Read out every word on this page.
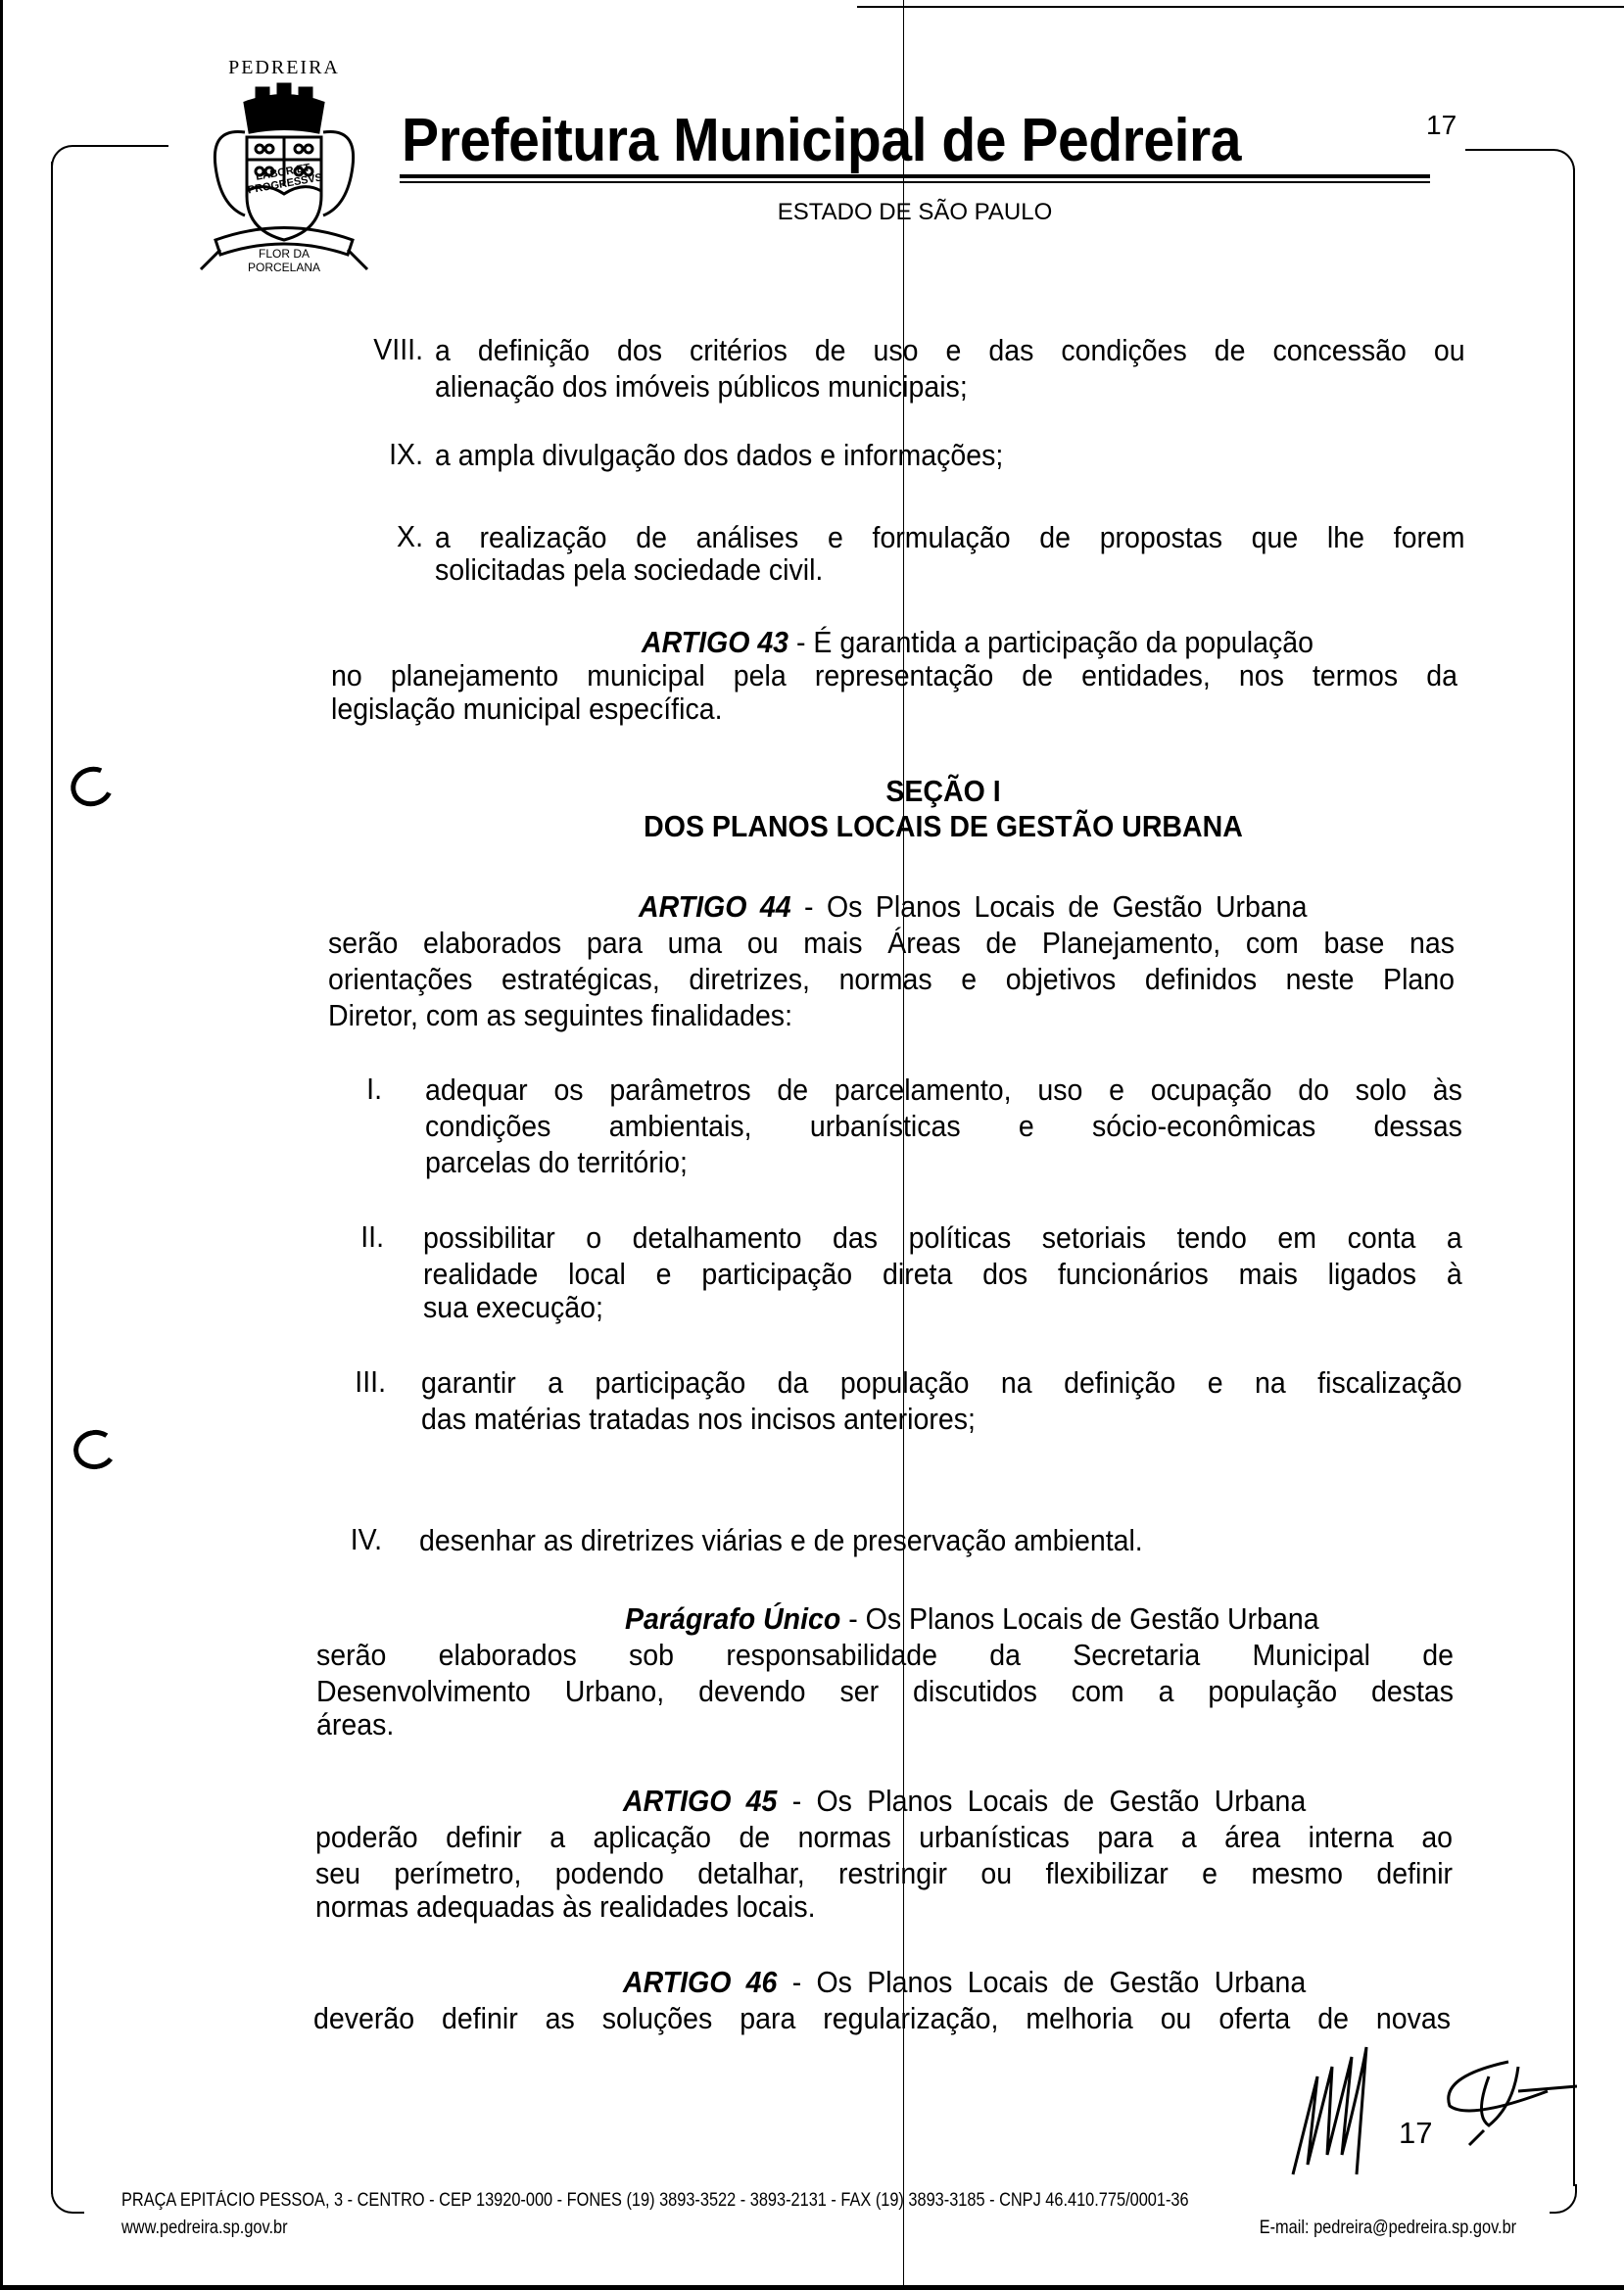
PEDREIRA
LABOR ET PROGRESSVS
FLOR DA
PORCELANA
Prefeitura Municipal de Pedreira	17
ESTADO DE SÃO PAULO
VIII. a definição dos critérios de uso e das condições de concessão ou
alienação dos imóveis públicos municipais;
IX. a ampla divulgação dos dados e informações;
X. a realização de análises e formulação de propostas que lhe forem
solicitadas pela sociedade civil.
ARTIGO 43 - É garantida a participação da população
no planejamento municipal pela representação de entidades, nos termos da
legislação municipal específica.
SEÇÃO I
DOS PLANOS LOCAIS DE GESTÃO URBANA
ARTIGO 44 - Os Planos Locais de Gestão Urbana
serão elaborados para uma ou mais Áreas de Planejamento, com base nas
orientações estratégicas, diretrizes, normas e objetivos definidos neste Plano
Diretor, com as seguintes finalidades:
I. adequar os parâmetros de parcelamento, uso e ocupação do solo às
condições ambientais, urbanísticas e sócio-econômicas dessas
parcelas do território;
II. possibilitar o detalhamento das políticas setoriais tendo em conta a
realidade local e participação direta dos funcionários mais ligados à
sua execução;
III. garantir a participação da população na definição e na fiscalização
das matérias tratadas nos incisos anteriores;
IV. desenhar as diretrizes viárias e de preservação ambiental.
Parágrafo Único - Os Planos Locais de Gestão Urbana
serão elaborados sob responsabilidade da Secretaria Municipal de
Desenvolvimento Urbano, devendo ser discutidos com a população destas
áreas.
ARTIGO 45 - Os Planos Locais de Gestão Urbana
poderão definir a aplicação de normas urbanísticas para a área interna ao
seu perímetro, podendo detalhar, restringir ou flexibilizar e mesmo definir
normas adequadas às realidades locais.
ARTIGO 46 - Os Planos Locais de Gestão Urbana
deverão definir as soluções para regularização, melhoria ou oferta de novas
17
PRAÇA EPITÁCIO PESSOA, 3 - CENTRO - CEP 13920-000 - FONES (19) 3893-3522 - 3893-2131 - FAX (19) 3893-3185 - CNPJ 46.410.775/0001-36
www.pedreira.sp.gov.br	E-mail: pedreira@pedreira.sp.gov.br
